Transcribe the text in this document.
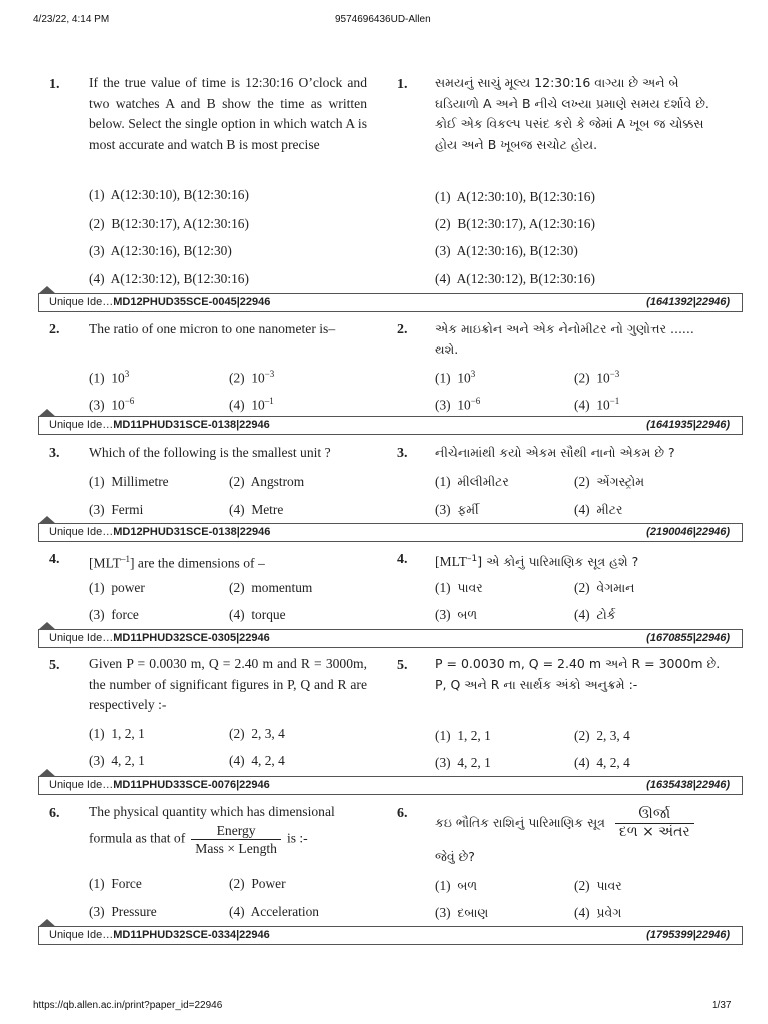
4/23/22, 4:14 PM	9574696436UD-Allen
1. If the true value of time is 12:30:16 O’clock and two watches A and B show the time as written below. Select the single option in which watch A is most accurate and watch B is most precise
1. સમયનું સાચું મૂલ્ય 12:30:16 વાગ્યા છે અને બે ઘડિયાળો A અને B નીચે લખ્યા પ્રમાણે સમય દર્શાવે છે. કોઈ એક વિકલ્પ પસંદ કરો કે જેમાં A ખૂબ જ ચોક્કસ હોય અને B ખૂબજ સચોટ હોય.
(1) A(12:30:10), B(12:30:16)
(2) B(12:30:17), A(12:30:16)
(3) A(12:30:16), B(12:30)
(4) A(12:30:12), B(12:30:16)
(1) A(12:30:10), B(12:30:16)
(2) B(12:30:17), A(12:30:16)
(3) A(12:30:16), B(12:30)
(4) A(12:30:12), B(12:30:16)
Unique Ide…MD12PHUD35SCE-0045|22946	(1641392|22946)
2. The ratio of one micron to one nanometer is–	2. એક માઇક્રોન અને એક નેનોમીટર નો ગુણોત્તર ...... થશે.
(1) $10^3$	(2) $10^{-3}$
(3) $10^{-6}$	(4) $10^{-1}$
(1) $10^3$	(2) $10^{-3}$
(3) $10^{-6}$	(4) $10^{-1}$
Unique Ide…MD11PHUD31SCE-0138|22946	(1641935|22946)
3. Which of the following is the smallest unit ?	3. નીચેનામાંથી કયો એકમ સૌથી નાનો એકમ છે ?
(1) Millimetre	(2) Angstrom
(3) Fermi	(4) Metre
(1) મીલીમીટર	(2) એંગસ્ટ્રોમ
(3) ફર્મી	(4) મીટર
Unique Ide…MD12PHUD31SCE-0138|22946	(2190046|22946)
4. $[MLT^{-1}]$ are the dimensions of –	4. $[MLT^{-1}]$ એ કોનું પારિમાણિક સૂત્ર હશે ?
(1) power	(2) momentum
(3) force	(4) torque
(1) પાવર	(2) વેગમાન
(3) બળ	(4) ટોર્ક
Unique Ide…MD11PHUD32SCE-0305|22946	(1670855|22946)
5. Given P = 0.0030 m, Q = 2.40 m and R = 3000m, the number of significant figures in P, Q and R are respectively :-
5. P = 0.0030 m, Q = 2.40 m અને R = 3000m છે. P, Q અને R ના સાર્થક અંકો અનુક્રમે :-
(1) 1, 2, 1	(2) 2, 3, 4
(3) 4, 2, 1	(4) 4, 2, 4
(1) 1, 2, 1	(2) 2, 3, 4
(3) 4, 2, 1	(4) 4, 2, 4
Unique Ide…MD11PHUD33SCE-0076|22946	(1635438|22946)
6. The physical quantity which has dimensional
formula as that of $\frac{\text{Energy}}{\text{Mass × Length}}$ is :-
6.
કઇ ભૌતિક રાશિનું પારિમાણિક સૂત્ર $\frac{\text{ઊર્જા}}{\text{દળ × અંતર}}$
જેવું છે?
(1) Force	(2) Power
(3) Pressure	(4) Acceleration
(1) બળ	(2) પાવર
(3) દબાણ	(4) પ્રવેગ
Unique Ide…MD11PHUD32SCE-0334|22946	(1795399|22946)
https://qb.allen.ac.in/print?paper_id=22946	1/37
